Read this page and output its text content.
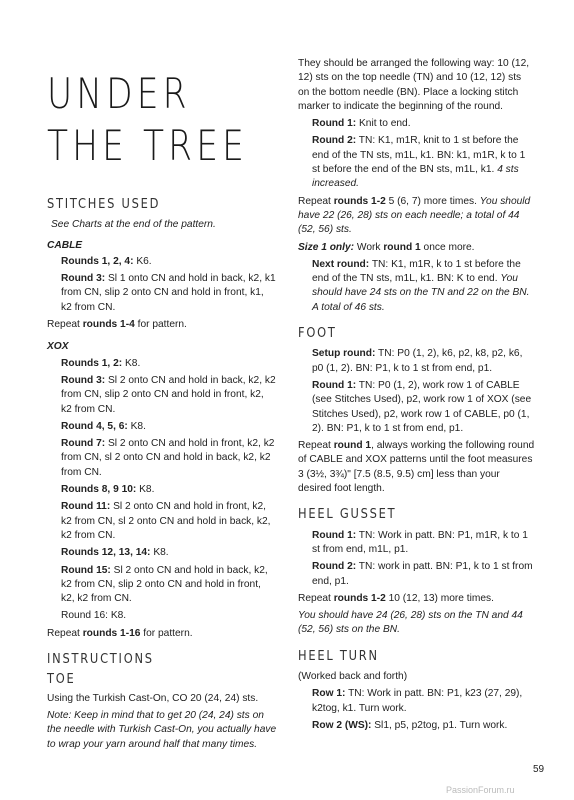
UNDER THE TREE
STITCHES USED

See Charts at the end of the pattern.

CABLE

Rounds 1, 2, 4: K6.

Round 3: Sl 1 onto CN and hold in back, k2, k1 from CN, slip 2 onto CN and hold in front, k1, k2 from CN.

Repeat rounds 1-4 for pattern.

XOX

Rounds 1, 2: K8.

Round 3: Sl 2 onto CN and hold in back, k2, k2 from CN, slip 2 onto CN and hold in front, k2, k2 from CN.

Round 4, 5, 6: K8.

Round 7: Sl 2 onto CN and hold in front, k2, k2 from CN, sl 2 onto CN and hold in back, k2, k2 from CN.

Rounds 8, 9 10: K8.

Round 11: Sl 2 onto CN and hold in front, k2, k2 from CN, sl 2 onto CN and hold in back, k2, k2 from CN.

Rounds 12, 13, 14: K8.

Round 15: Sl 2 onto CN and hold in back, k2, k2 from CN, slip 2 onto CN and hold in front, k2, k2 from CN.

Round 16: K8.

Repeat rounds 1-16 for pattern.

INSTRUCTIONS
TOE

Using the Turkish Cast-On, CO 20 (24, 24) sts.

Note: Keep in mind that to get 20 (24, 24) sts on the needle with Turkish Cast-On, you actually have to wrap your yarn around half that many times.

They should be arranged the following way: 10 (12, 12) sts on the top needle (TN) and 10 (12, 12) sts on the bottom needle (BN). Place a locking stitch marker to indicate the beginning of the round.

Round 1: Knit to end.

Round 2: TN: K1, m1R, knit to 1 st before the end of the TN sts, m1L, k1. BN: k1, m1R, k to 1 st before the end of the BN sts, m1L, k1. 4 sts increased.

Repeat rounds 1-2 5 (6, 7) more times. You should have 22 (26, 28) sts on each needle; a total of 44 (52, 56) sts.

Size 1 only: Work round 1 once more.

Next round: TN: K1, m1R, k to 1 st before the end of the TN sts, m1L, k1. BN: K to end. You should have 24 sts on the TN and 22 on the BN. A total of 46 sts.

FOOT

Setup round: TN: P0 (1, 2), k6, p2, k8, p2, k6, p0 (1, 2). BN: P1, k to 1 st from end, p1.

Round 1: TN: P0 (1, 2), work row 1 of CABLE (see Stitches Used), p2, work row 1 of XOX (see Stitches Used), p2, work row 1 of CABLE, p0 (1, 2). BN: P1, k to 1 st from end, p1.

Repeat round 1, always working the following round of CABLE and XOX patterns until the foot measures 3 (3½, 3¾)" [7.5 (8.5, 9.5) cm] less than your desired foot length.

HEEL GUSSET

Round 1: TN: Work in patt. BN: P1, m1R, k to 1 st from end, m1L, p1.

Round 2: TN: work in patt. BN: P1, k to 1 st from end, p1.

Repeat rounds 1-2 10 (12, 13) more times.

You should have 24 (26, 28) sts on the TN and 44 (52, 56) sts on the BN.

HEEL TURN

(Worked back and forth)

Row 1: TN: Work in patt. BN: P1, k23 (27, 29), k2tog, k1. Turn work.

Row 2 (WS): Sl1, p5, p2tog, p1. Turn work.

59
PassionForum.ru
